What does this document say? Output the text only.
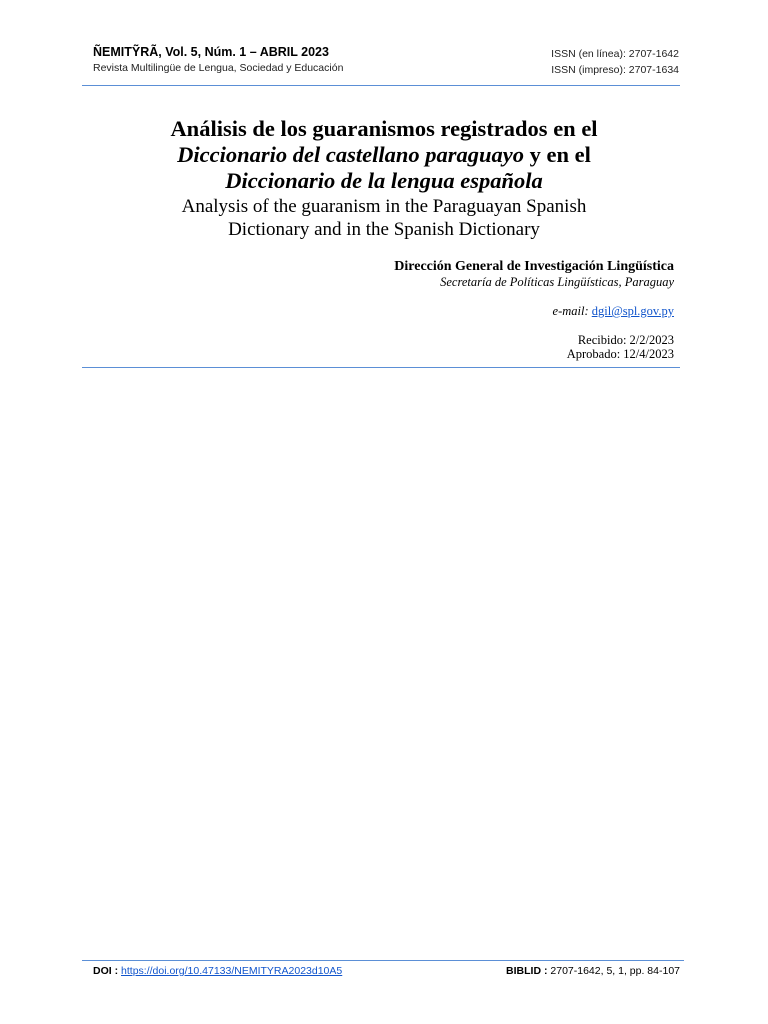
ÑEMITỸRÃ, Vol. 5, Núm. 1 – ABRIL 2023
Revista Multilingüe de Lengua, Sociedad y Educación
ISSN (en línea): 2707-1642
ISSN (impreso): 2707-1634
Análisis de los guaranismos registrados en el
Diccionario del castellano paraguayo y en el
Diccionario de la lengua española
Analysis of the guaranism in the Paraguayan Spanish
Dictionary and in the Spanish Dictionary
Dirección General de Investigación Lingüística
Secretaría de Políticas Lingüísticas, Paraguay
e-mail: dgil@spl.gov.py
Recibido: 2/2/2023
Aprobado: 12/4/2023
DOI : https://doi.org/10.47133/NEMITYRA2023d10A5	BIBLID : 2707-1642, 5, 1, pp. 84-107
